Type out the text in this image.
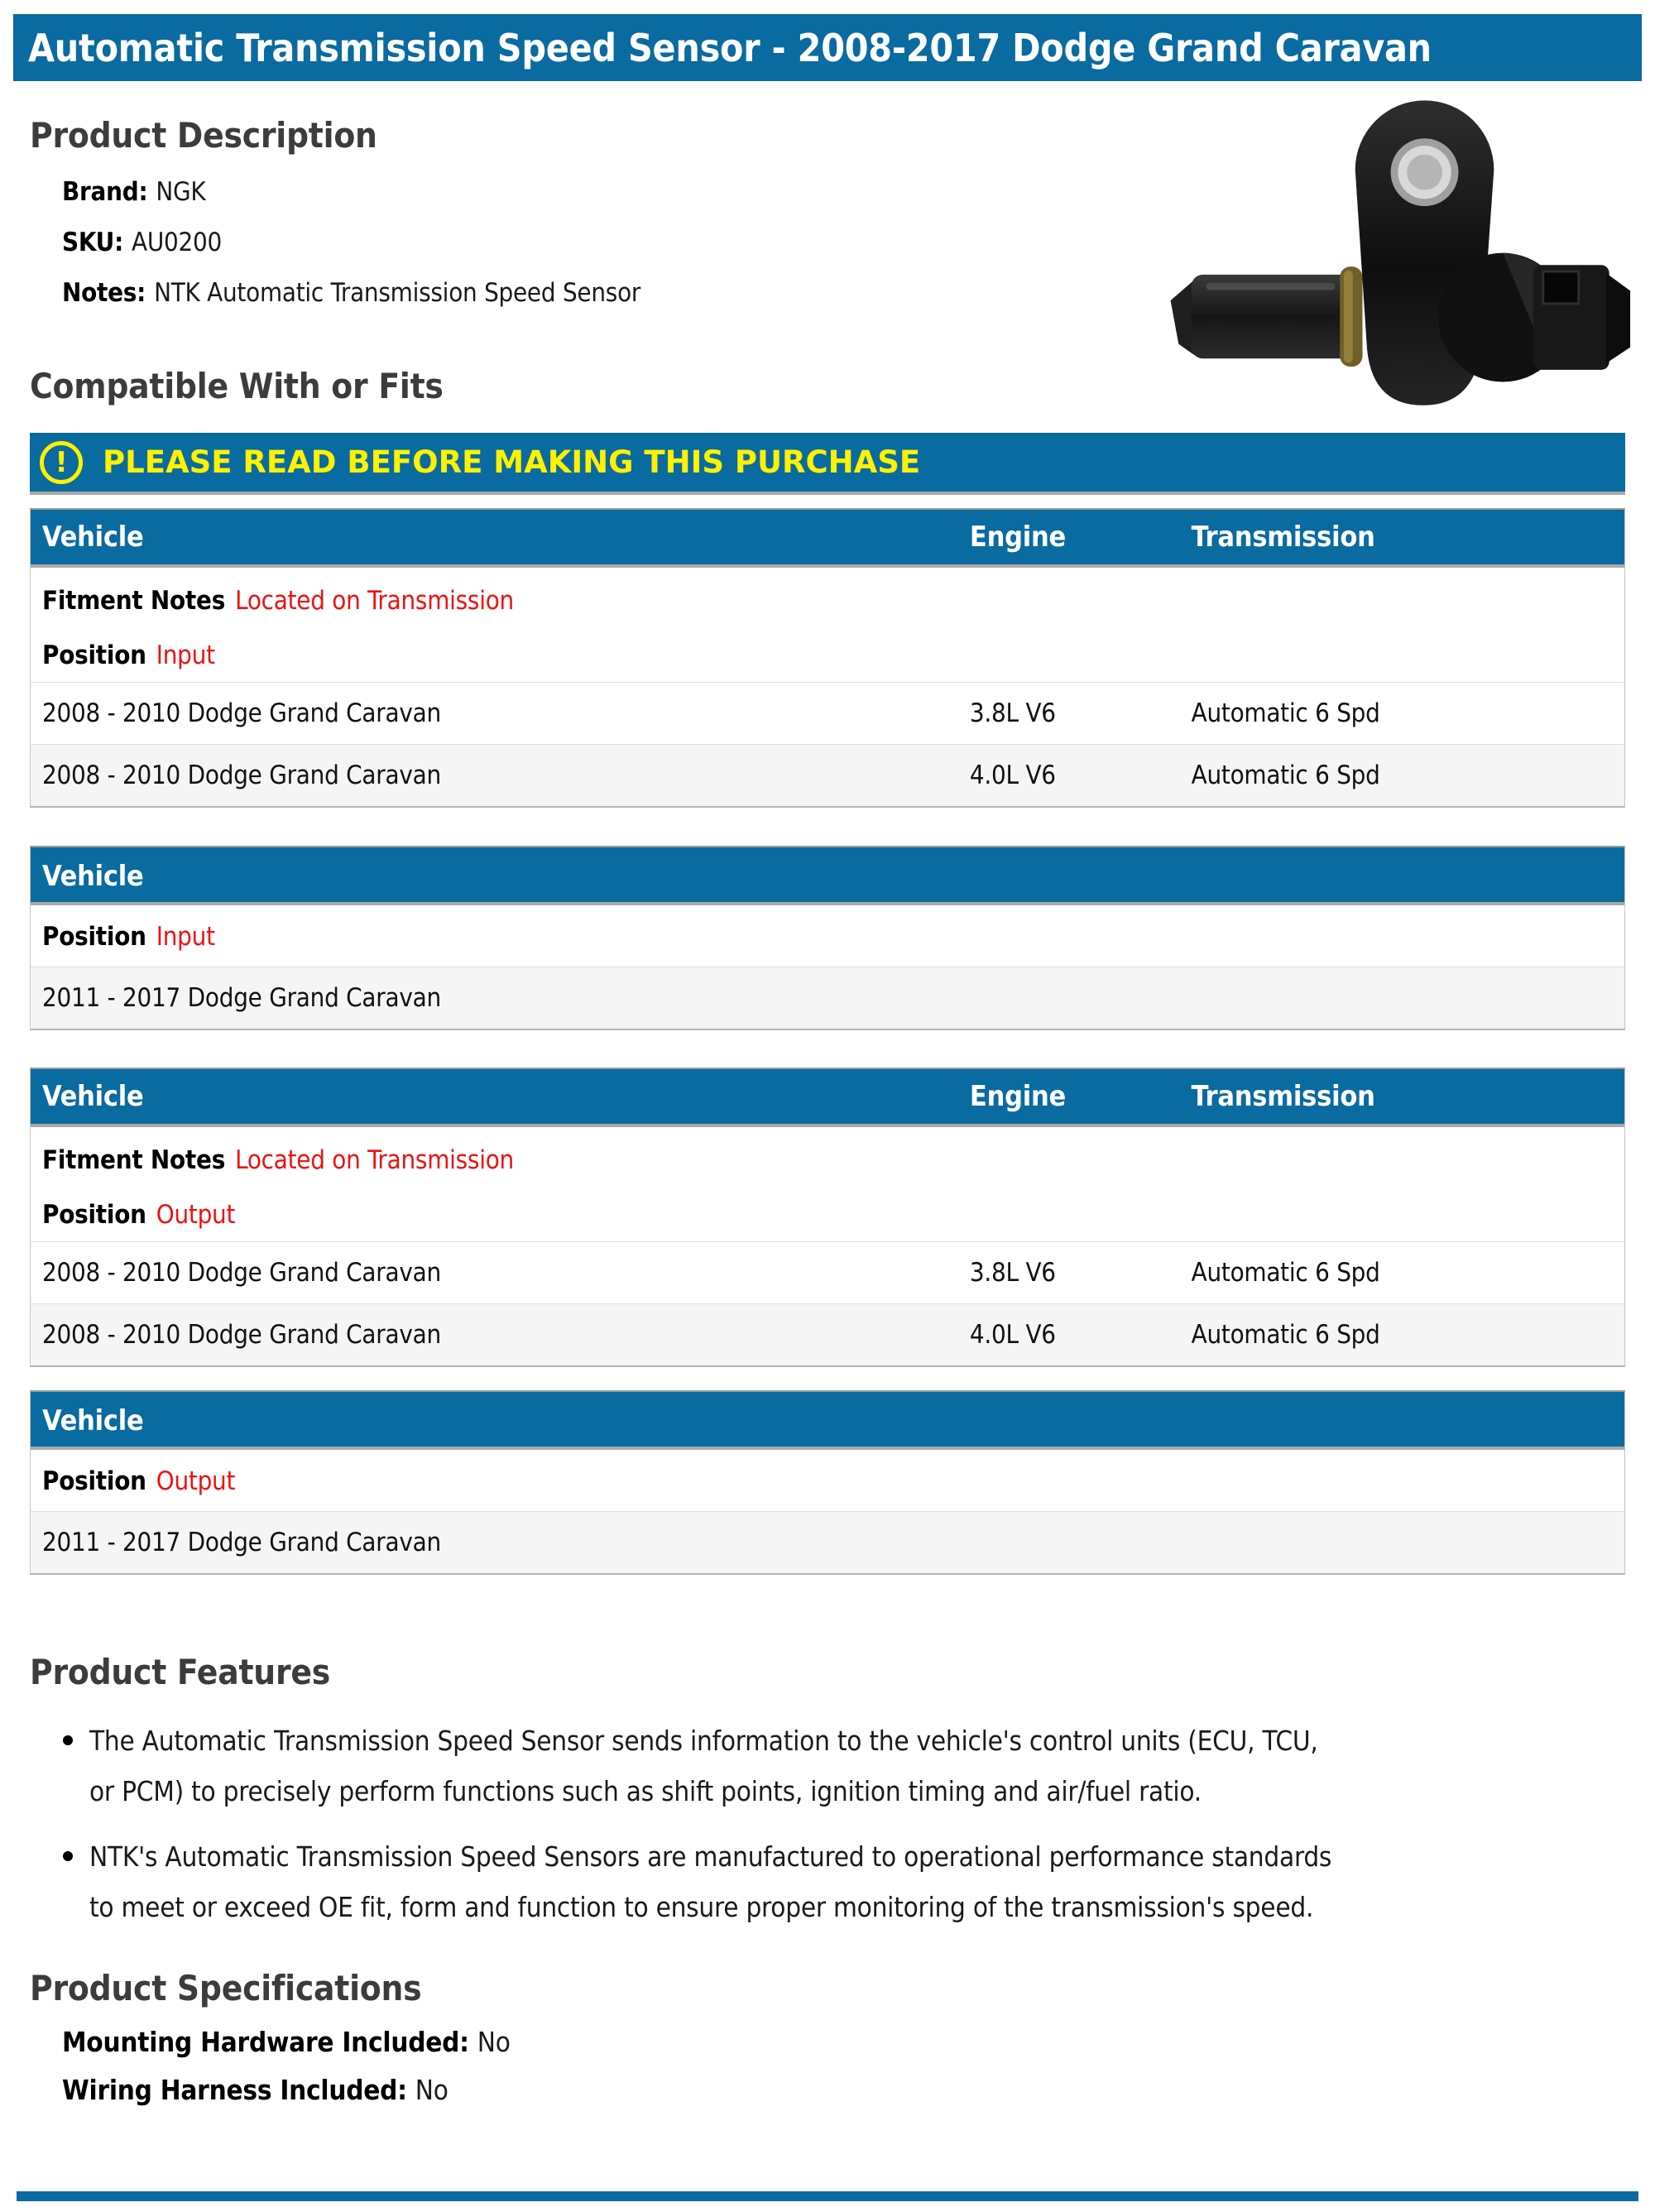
Automatic Transmission Speed Sensor - 2008-2017 Dodge Grand Caravan
Product Description

Brand: NGK

SKU: AU0200

Notes: NTK Automatic Transmission Speed Sensor

Compatible With or Fits
! PLEASE READ BEFORE MAKING THIS PURCHASE
Vehicle	Engine	Transmission

Fitment Notes Located on Transmission

Position Input

2008 - 2010 Dodge Grand Caravan	3.8L V6	Automatic 6 Spd
2008 - 2010 Dodge Grand Caravan	4.0L V6	Automatic 6 Spd
Vehicle

Position Input

2011 - 2017 Dodge Grand Caravan
Vehicle	Engine	Transmission

Fitment Notes Located on Transmission

Position Output

2008 - 2010 Dodge Grand Caravan	3.8L V6	Automatic 6 Spd
2008 - 2010 Dodge Grand Caravan	4.0L V6	Automatic 6 Spd
Vehicle

Position Output

2011 - 2017 Dodge Grand Caravan
Product Features
The Automatic Transmission Speed Sensor sends information to the vehicle's control units (ECU, TCU, or PCM) to precisely perform functions such as shift points, ignition timing and air/fuel ratio.
NTK's Automatic Transmission Speed Sensors are manufactured to operational performance standards to meet or exceed OE fit, form and function to ensure proper monitoring of the transmission's speed.
Product Specifications

Mounting Hardware Included: No

Wiring Harness Included: No
